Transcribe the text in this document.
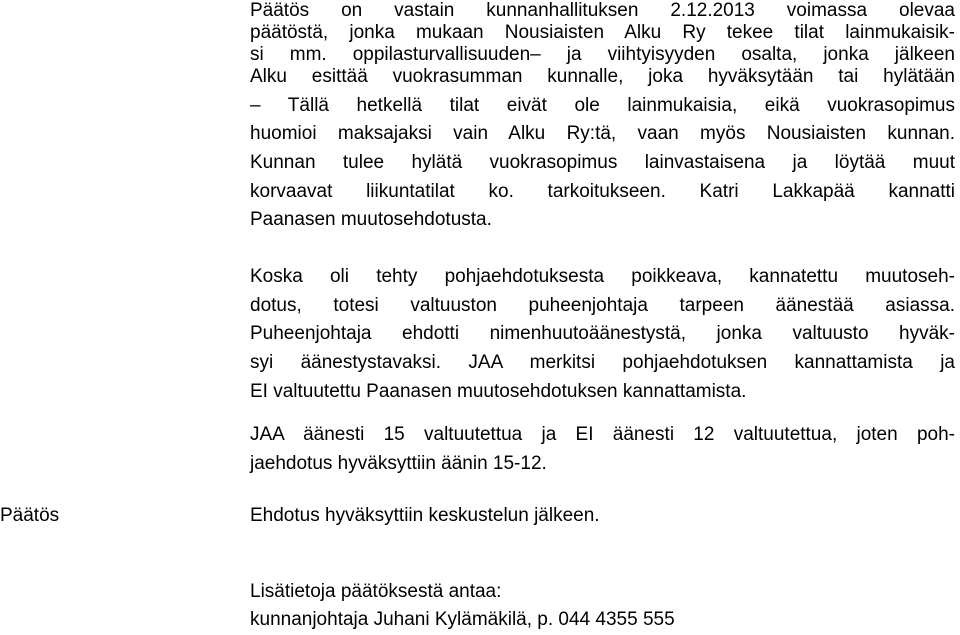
Päätös on vastain kunnanhallituksen 2.12.2013 voimassa olevaa
päätöstä, jonka mukaan Nousiaisten Alku Ry tekee tilat lainmukaisik-
si mm. oppilasturvallisuuden– ja viihtyisyyden osalta, jonka jälkeen
Alku esittää vuokrasumman kunnalle, joka hyväksytään tai hylätään
– Tällä hetkellä tilat eivät ole lainmukaisia, eikä vuokrasopimus
huomioi maksajaksi vain Alku Ry:tä, vaan myös Nousiaisten kunnan.
Kunnan tulee hylätä vuokrasopimus lainvastaisena ja löytää muut
korvaavat liikuntatilat ko. tarkoitukseen. Katri Lakkapää kannatti
Paanasen muutosehdotusta.
Koska oli tehty pohjaehdotuksesta poikkeava, kannatettu muutoseh-
dotus, totesi valtuuston puheenjohtaja tarpeen äänestää asiassa.
Puheenjohtaja ehdotti nimenhuutoäänestystä, jonka valtuusto hyväk-
syi äänestystavaksi. JAA merkitsi pohjaehdotuksen kannattamista ja
EI valtuutettu Paanasen muutosehdotuksen kannattamista.
JAA äänesti 15 valtuutettua ja EI äänesti 12 valtuutettua, joten poh-
jaehdotus hyväksyttiin äänin 15-12.
Päätös	Ehdotus hyväksyttiin keskustelun jälkeen.
Lisätietoja päätöksestä antaa:
kunnanjohtaja Juhani Kylämäkilä, p. 044 4355 555
